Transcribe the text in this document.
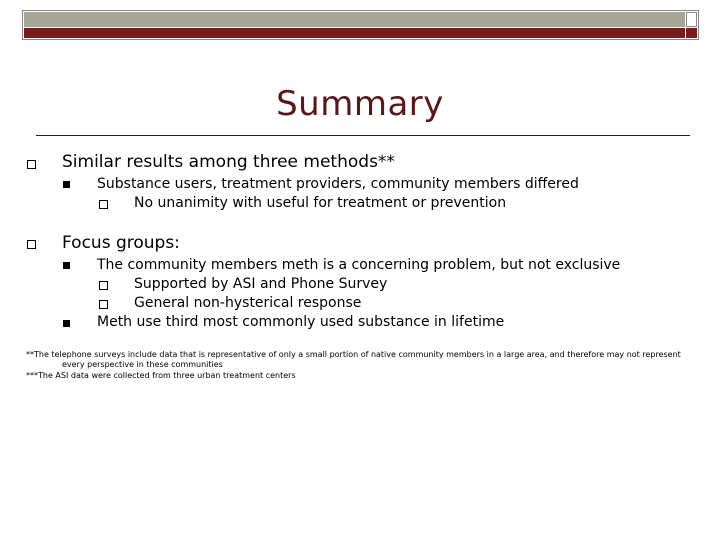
Summary
Similar results among three methods**
Substance users, treatment providers, community members differed
No unanimity with useful for treatment or prevention
Focus groups:
The community members meth is a concerning problem, but not exclusive
Supported by ASI and Phone Survey
General non-hysterical response
Meth use third most commonly used substance in lifetime
**The telephone surveys include data that is representative of only a small portion of native community members in a large area, and therefore may not represent
every perspective in these communities
***The ASI data were collected from three urban treatment centers
